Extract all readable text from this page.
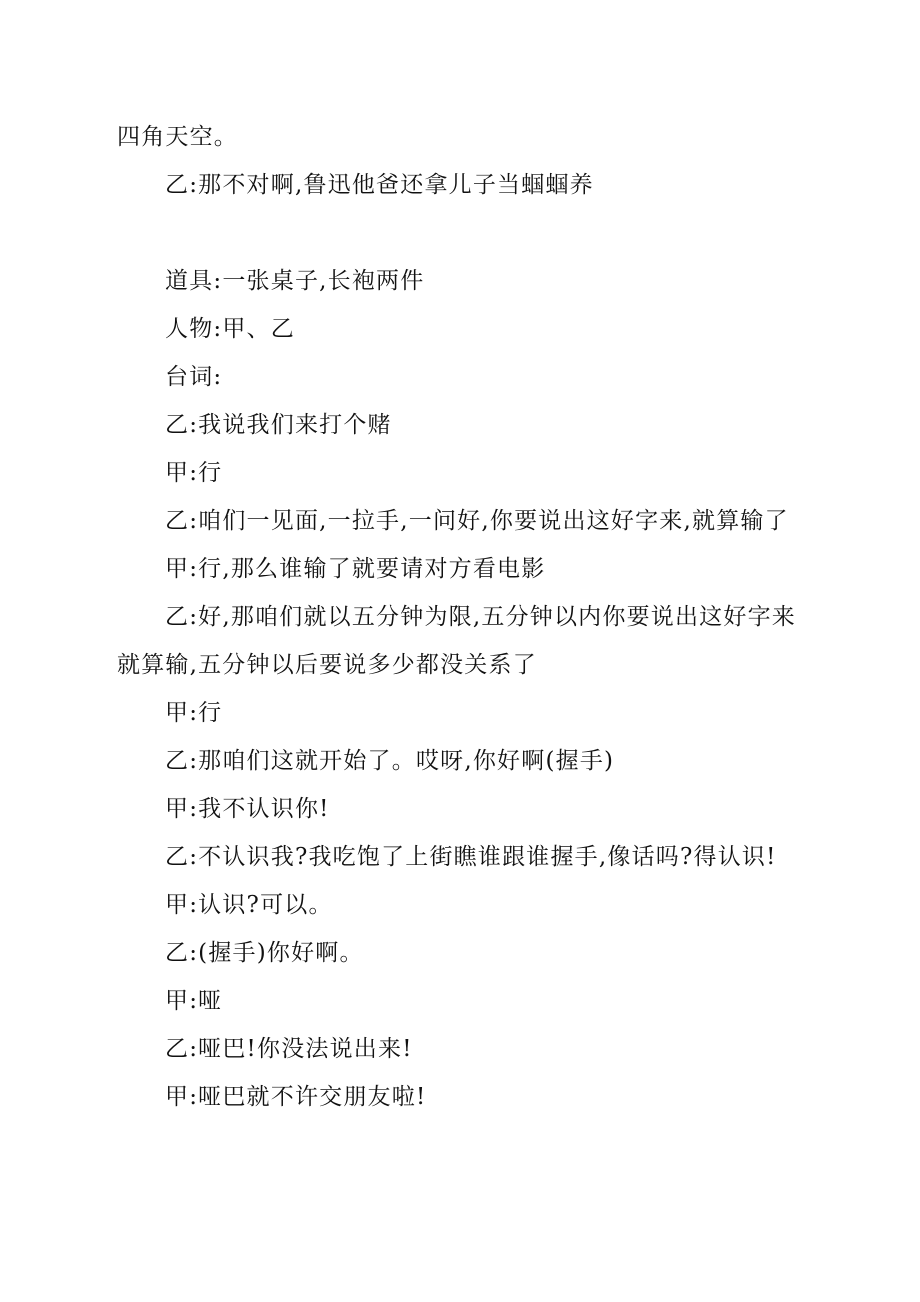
四角天空。

乙:那不对啊,鲁迅他爸还拿儿子当蝈蝈养

道具:一张桌子,长袍两件

人物:甲、乙

台词:

乙:我说我们来打个赌

甲:行

乙:咱们一见面,一拉手,一问好,你要说出这好字来,就算输了

甲:行,那么谁输了就要请对方看电影

乙:好,那咱们就以五分钟为限,五分钟以内你要说出这好字来就算输,五分钟以后要说多少都没关系了

甲:行

乙:那咱们这就开始了。哎呀,你好啊(握手)

甲:我不认识你!

乙:不认识我?我吃饱了上街瞧谁跟谁握手,像话吗?得认识!

甲:认识?可以。

乙:(握手)你好啊。

甲:哑

乙:哑巴!你没法说出来!

甲:哑巴就不许交朋友啦!
